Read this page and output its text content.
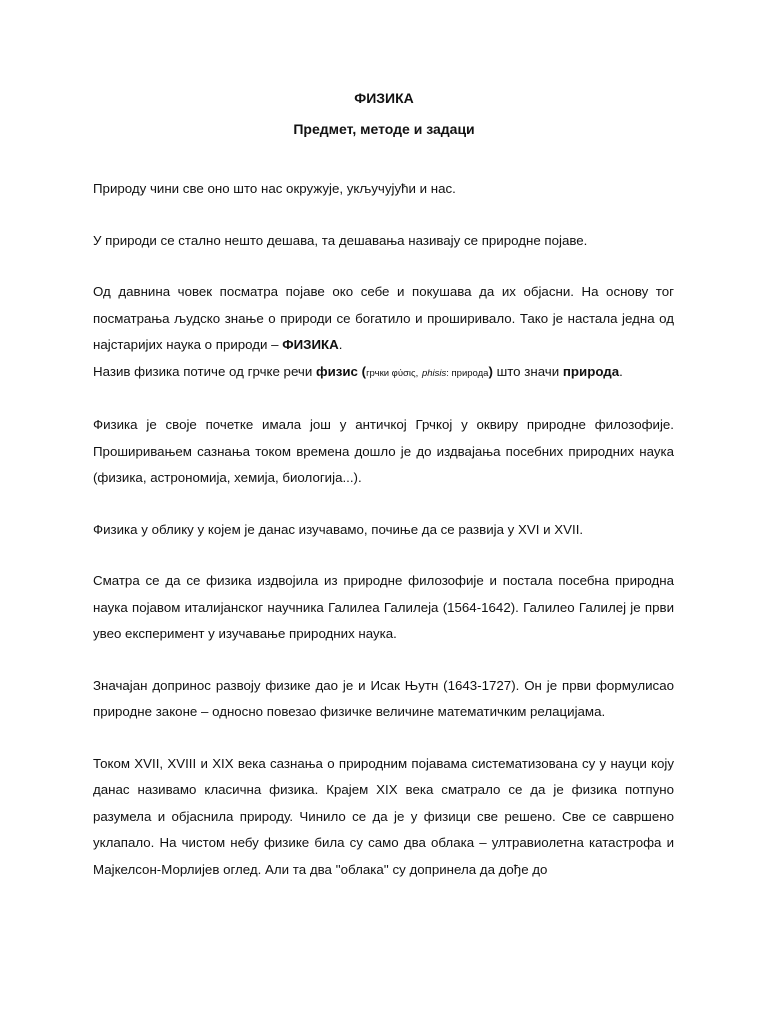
ФИЗИКА
Предмет, методе и задаци

Природу чини све оно што нас окружује, укључујући и нас.

У природи се стално нешто дешава, та дешавања називају се природне појаве.

Од давнина човек посматра појаве око себе и покушава да их објасни. На основу тог посматрања људско знање о природи се богатило и проширивало. Тако је настала једна од најстаријих наука о природи – ФИЗИКА.

Назив физика потиче од грчке речи физис (грчки φύσις, phisis: природа) што значи природа.

Физика је своје почетке имала још у античкој Грчкој у оквиру природне филозофије. Проширивањем сазнања током времена дошло је до издвајања посебних природних наука (физика, астрономија, хемија, биологија...).

Физика у облику у којем је данас изучавамо, почиње да се развија у XVI и XVII.

Сматра се да се физика издвојила из природне филозофије и постала посебна природна наука појавом италијанског научника Галилеа Галилеја (1564-1642). Галилео Галилеј је први увео експеримент у изучавање природних наука.

Значајан допринос развоју физике дао је и Исак Њутн (1643-1727). Он је први формулисао природне законе – односно повезао физичке величине математичким релацијама.

Током XVII, XVIII и XIX века сазнања о природним појавама систематизована су у науци коју данас називамо класична физика. Крајем XIX века сматрало се да је физика потпуно разумела и објаснила природу. Чинило се да је у физици све решено. Све се савршено уклапало. На чистом небу физике била су само два облака – ултравиолетна катастрофа и Мајкелсон-Морлијев оглед. Али та два ''облака'' су допринела да дође до
